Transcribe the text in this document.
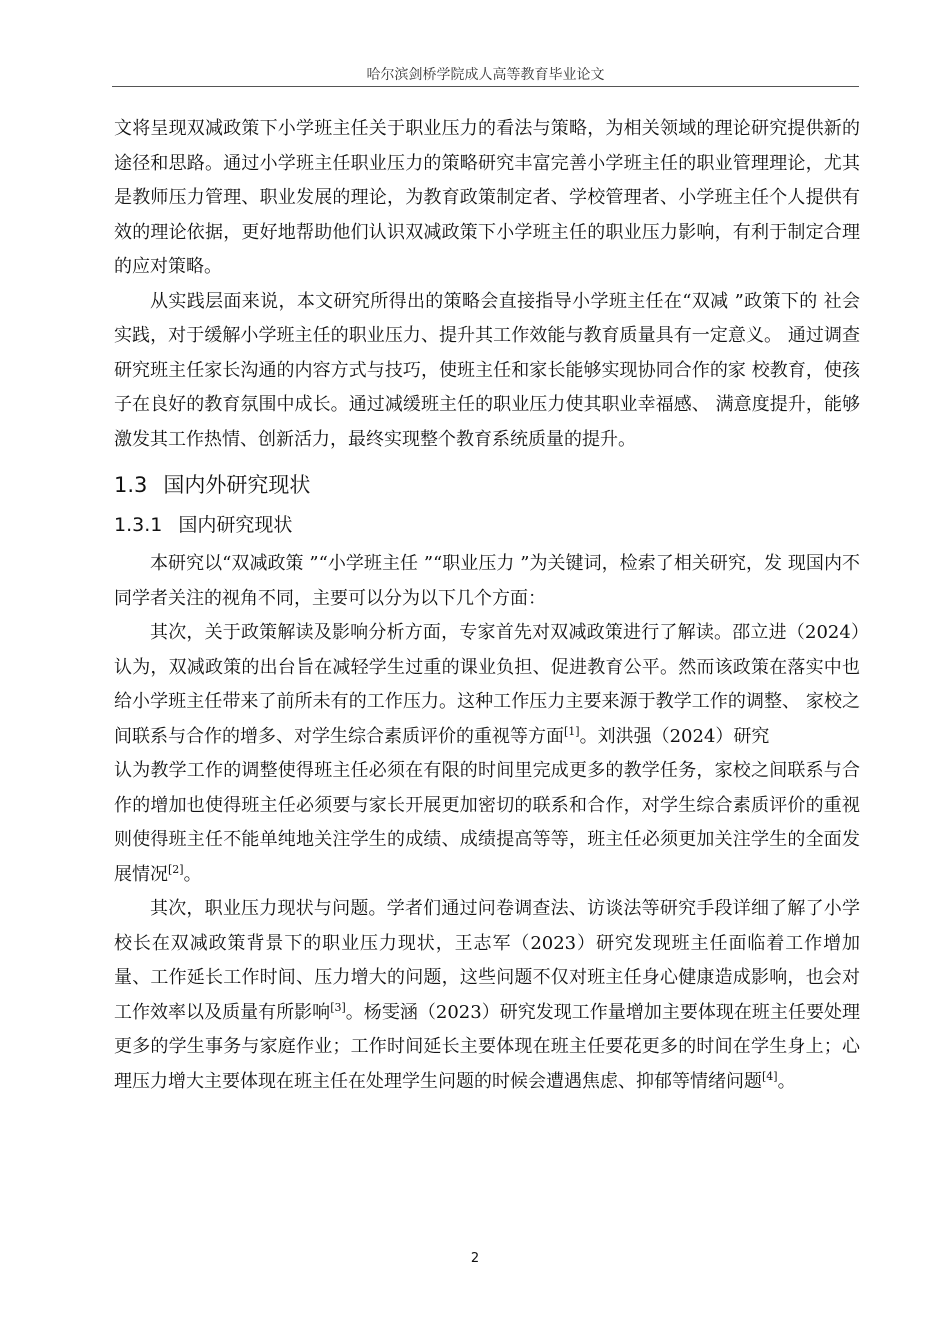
哈尔滨剑桥学院成人高等教育毕业论文

文将呈现双减政策下小学班主任关于职业压力的看法与策略，为相关领域的理论研究提供新的途径和思路。通过小学班主任职业压力的策略研究丰富完善小学班主任的职业管理理论，尤其是教师压力管理、职业发展的理论，为教育政策制定者、学校管理者、小学班主任个人提供有效的理论依据，更好地帮助他们认识双减政策下小学班主任的职业压力影响，有利于制定合理的应对策略。

从实践层面来说，本文研究所得出的策略会直接指导小学班主任在“双减 ”政策下的 社会实践，对于缓解小学班主任的职业压力、提升其工作效能与教育质量具有一定意义。 通过调查研究班主任家长沟通的内容方式与技巧，使班主任和家长能够实现协同合作的家 校教育，使孩子在良好的教育氛围中成长。通过减缓班主任的职业压力使其职业幸福感、 满意度提升，能够激发其工作热情、创新活力，最终实现整个教育系统质量的提升。

1.3 国内外研究现状
1.3.1 国内研究现状

本研究以“双减政策 ”“小学班主任 ”“职业压力 ”为关键词，检索了相关研究，发 现国内不同学者关注的视角不同，主要可以分为以下几个方面：

其次，关于政策解读及影响分析方面，专家首先对双减政策进行了解读。邵立进（2024）认为，双减政策的出台旨在减轻学生过重的课业负担、促进教育公平。然而该政策在落实中也给小学班主任带来了前所未有的工作压力。这种工作压力主要来源于教学工作的调整、 家校之间联系与合作的增多、对学生综合素质评价的重视等方面[1]。刘洪强（2024）研究

认为教学工作的调整使得班主任必须在有限的时间里完成更多的教学任务，家校之间联系与合作的增加也使得班主任必须要与家长开展更加密切的联系和合作，对学生综合素质评价的重视则使得班主任不能单纯地关注学生的成绩、成绩提高等等，班主任必须更加关注学生的全面发展情况[2]。

其次，职业压力现状与问题。学者们通过问卷调查法、访谈法等研究手段详细了解了小学校长在双减政策背景下的职业压力现状，王志军（2023）研究发现班主任面临着工作增加量、工作延长工作时间、压力增大的问题，这些问题不仅对班主任身心健康造成影响，也会对工作效率以及质量有所影响[3]。杨雯涵（2023）研究发现工作量增加主要体现在班主任要处理更多的学生事务与家庭作业；工作时间延长主要体现在班主任要花更多的时间在学生身上；心理压力增大主要体现在班主任在处理学生问题的时候会遭遇焦虑、抑郁等情绪问题[4]。

2
